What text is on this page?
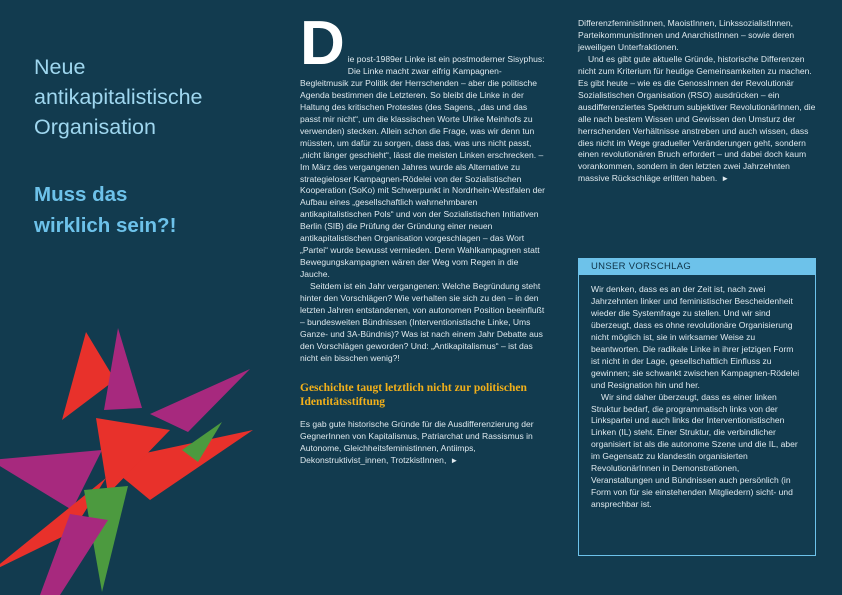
Neue
antikapitalistische
Organisation
Muss das
wirklich sein?!

Die post-1989er Linke ist ein postmoderner Sisyphus: Die Linke macht zwar eifrig Kampagnen-Begleitmusik zur Politik der Herrschenden – aber die politische Agenda bestimmen die Letzteren. So bleibt die Linke in der Haltung des kritischen Protestes (des Sagens, „das und das passt mir nicht“, um die klassischen Worte Ulrike Meinhofs zu verwenden) stecken. Allein schon die Frage, was wir denn tun müssten, um dafür zu sorgen, dass das, was uns nicht passt, „nicht länger geschieht“, lässt die meisten Linken erschrecken. – Im März des vergangenen Jahres wurde als Alternative zu strategieloser Kampagnen-Rödelei von der Sozialistischen Kooperation (SoKo) mit Schwerpunkt in Nordrhein-Westfalen der Aufbau eines „gesellschaftlich wahrnehmbaren antikapitalistischen Pols“ und von der Sozialistischen Initiativen Berlin (SIB) die Prüfung der Gründung einer neuen antikapitalistischen Organisation vorgeschlagen – das Wort „Partei“ wurde bewusst vermieden. Denn Wahlkampagnen statt Bewegungskampagnen wären der Weg vom Regen in die Jauche.

Seitdem ist ein Jahr vergangenen: Welche Begründung steht hinter den Vorschlägen? Wie verhalten sie sich zu den – in den letzten Jahren entstandenen, von autonomen Position beeinflußt – bundesweiten Bündnissen (Interventionistische Linke, Ums Ganze- und 3A-Bündnis)? Was ist nach einem Jahr Debatte aus den Vorschlägen geworden? Und: „Antikapitalismus“ – ist das nicht ein bisschen wenig?!

Geschichte taugt letztlich nicht zur politischen Identitätsstiftung

Es gab gute historische Gründe für die Ausdifferenzierung der GegnerInnen von Kapitalismus, Patriarchat und Rassismus in Autonome, Gleichheitsfeministinnen, Antiimps, Dekonstruktivist_innen, TrotzkistInnen, ►

DifferenzfeministInnen, MaoistInnen, LinkssozialistInnen, ParteikommunistInnen und AnarchistInnen – sowie deren jeweiligen Unterfraktionen.

Und es gibt gute aktuelle Gründe, historische Differenzen nicht zum Kriterium für heutige Gemeinsamkeiten zu machen. Es gibt heute – wie es die GenossInnen der Revolutionär Sozialistischen Organisation (RSO) ausdrücken – ein ausdifferenziertes Spektrum subjektiver RevolutionärInnen, die alle nach bestem Wissen und Gewissen den Umsturz der herrschenden Verhältnisse anstreben und auch wissen, dass dies nicht im Wege gradueller Veränderungen geht, sondern einen revolutionären Bruch erfordert – und dabei doch kaum vorankommen, sondern in den letzten zwei Jahrzehnten massive Rückschläge erlitten haben. ►

UNSER VORSCHLAG

Wir denken, dass es an der Zeit ist, nach zwei Jahrzehnten linker und feministischer Bescheidenheit wieder die Systemfrage zu stellen. Und wir sind überzeugt, dass es ohne revolutionäre Organisierung nicht möglich ist, sie in wirksamer Weise zu beantworten. Die radikale Linke in ihrer jetzigen Form ist nicht in der Lage, gesellschaftlich Einfluss zu gewinnen; sie schwankt zwischen Kampagnen-Rödelei und Resignation hin und her.

Wir sind daher überzeugt, dass es einer linken Struktur bedarf, die programmatisch links von der Linkspartei und auch links der Interventionistischen Linken (IL) steht. Einer Struktur, die verbindlicher organisiert ist als die autonome Szene und die IL, aber im Gegensatz zu klandestin organisierten RevolutionärInnen in Demonstrationen, Veranstaltungen und Bündnissen auch persönlich (in Form von für sie einstehenden Mitgliedern) sicht- und ansprechbar ist.
